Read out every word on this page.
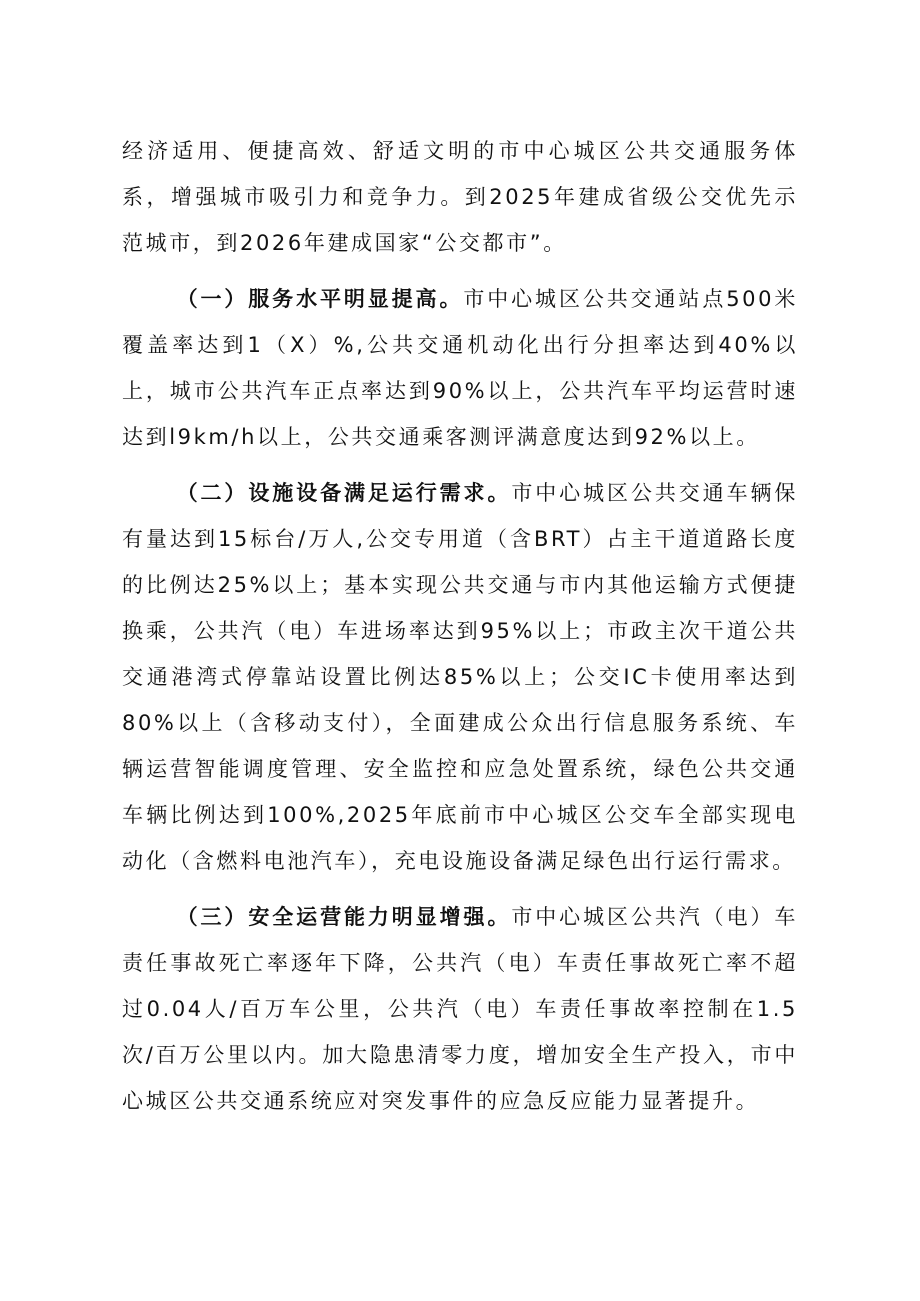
经济适用、便捷高效、舒适文明的市中心城区公共交通服务体系，增强城市吸引力和竞争力。到2025年建成省级公交优先示范城市，到2026年建成国家“公交都市”。

（一）服务水平明显提高。市中心城区公共交通站点500米覆盖率达到1（X）%,公共交通机动化出行分担率达到40%以上，城市公共汽车正点率达到90%以上，公共汽车平均运营时速达到l9km∕h以上，公共交通乘客测评满意度达到92%以上。

（二）设施设备满足运行需求。市中心城区公共交通车辆保有量达到15标台/万人,公交专用道（含BRT）占主干道道路长度的比例达25%以上；基本实现公共交通与市内其他运输方式便捷换乘，公共汽（电）车进场率达到95%以上；市政主次干道公共交通港湾式停靠站设置比例达85%以上；公交IC卡使用率达到80%以上（含移动支付），全面建成公众出行信息服务系统、车辆运营智能调度管理、安全监控和应急处置系统，绿色公共交通车辆比例达到100%,2025年底前市中心城区公交车全部实现电动化（含燃料电池汽车），充电设施设备满足绿色出行运行需求。

（三）安全运营能力明显增强。市中心城区公共汽（电）车责任事故死亡率逐年下降，公共汽（电）车责任事故死亡率不超过0.04人/百万车公里，公共汽（电）车责任事故率控制在1.5次/百万公里以内。加大隐患清零力度，增加安全生产投入，市中心城区公共交通系统应对突发事件的应急反应能力显著提升。
